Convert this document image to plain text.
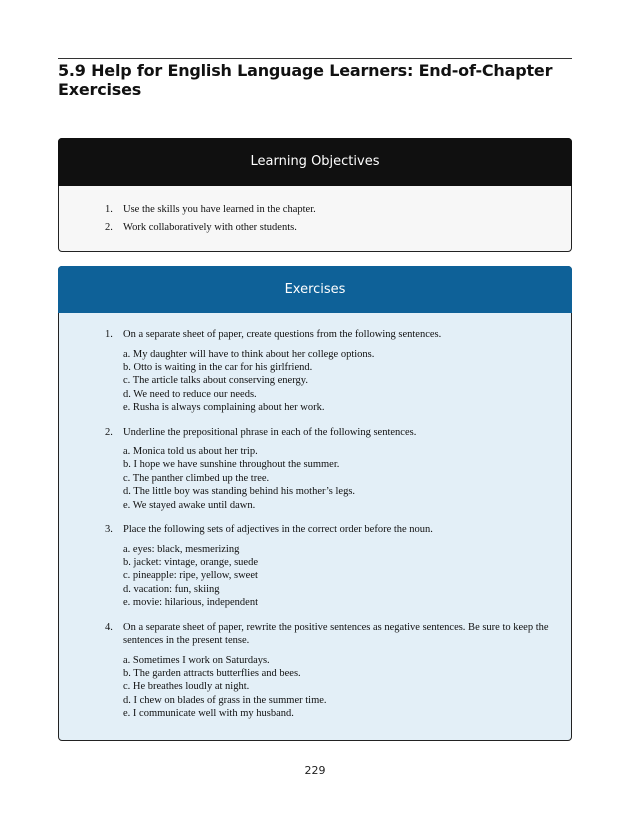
5.9 Help for English Language Learners: End-of-Chapter Exercises
Learning Objectives
1. Use the skills you have learned in the chapter.
2. Work collaboratively with other students.
Exercises
1. On a separate sheet of paper, create questions from the following sentences.
a. My daughter will have to think about her college options.
b. Otto is waiting in the car for his girlfriend.
c. The article talks about conserving energy.
d. We need to reduce our needs.
e. Rusha is always complaining about her work.
2. Underline the prepositional phrase in each of the following sentences.
a. Monica told us about her trip.
b. I hope we have sunshine throughout the summer.
c. The panther climbed up the tree.
d. The little boy was standing behind his mother’s legs.
e. We stayed awake until dawn.
3. Place the following sets of adjectives in the correct order before the noun.
a. eyes: black, mesmerizing
b. jacket: vintage, orange, suede
c. pineapple: ripe, yellow, sweet
d. vacation: fun, skiing
e. movie: hilarious, independent
4. On a separate sheet of paper, rewrite the positive sentences as negative sentences. Be sure to keep the sentences in the present tense.
a. Sometimes I work on Saturdays.
b. The garden attracts butterflies and bees.
c. He breathes loudly at night.
d. I chew on blades of grass in the summer time.
e. I communicate well with my husband.
229
